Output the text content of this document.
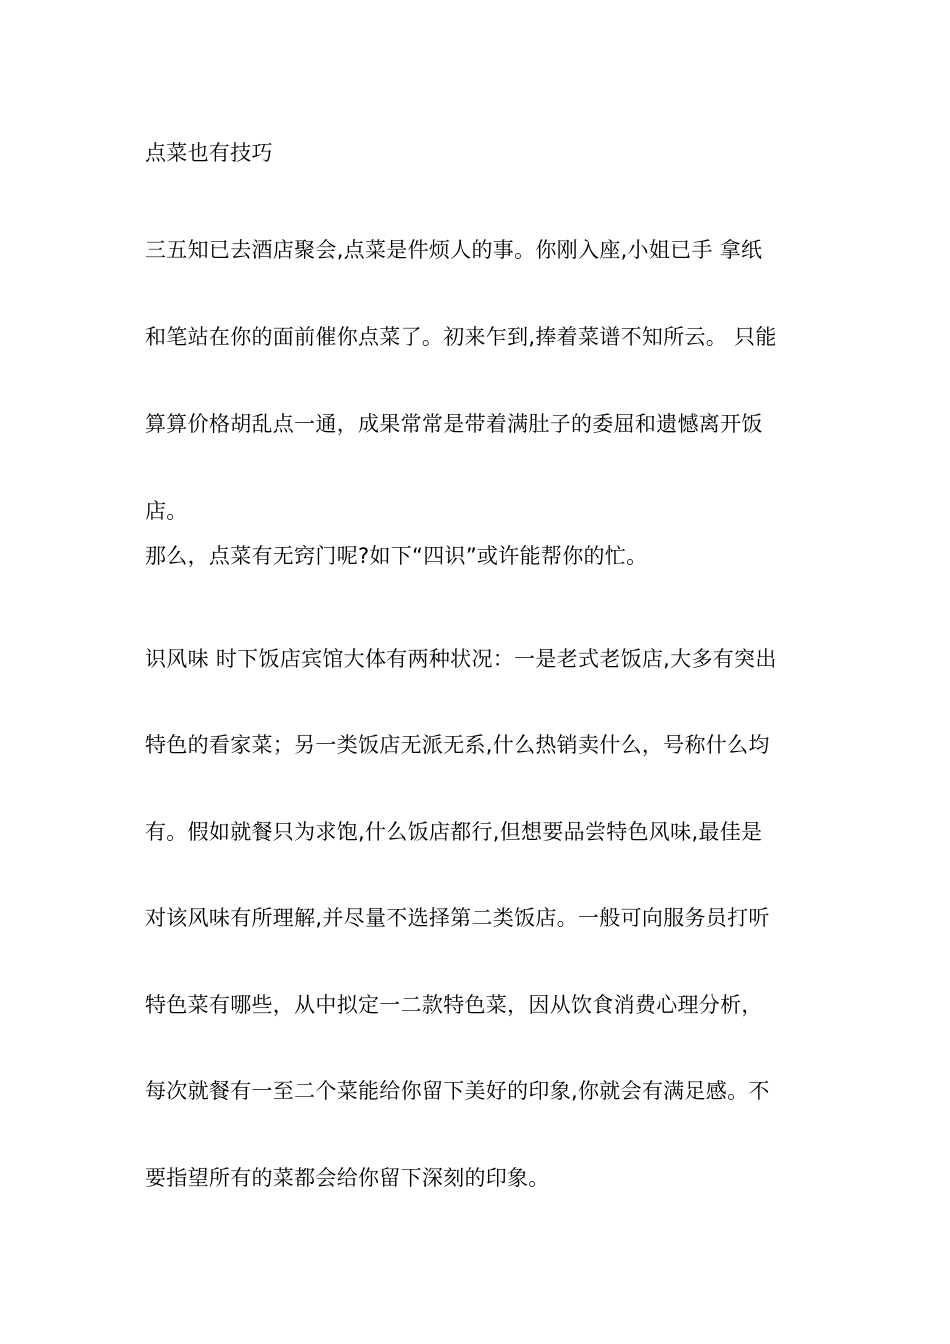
点菜也有技巧
三五知已去酒店聚会,点菜是件烦人的事。你刚入座,小姐已手 拿纸
和笔站在你的面前催你点菜了。初来乍到,捧着菜谱不知所云。 只能
算算价格胡乱点一通，成果常常是带着满肚子的委屈和遗憾离开饭
店。
那么，点菜有无窍门呢?如下“四识”或许能帮你的忙。
识风味 时下饭店宾馆大体有两种状况：一是老式老饭店,大多有突出
特色的看家菜；另一类饭店无派无系,什么热销卖什么，号称什么均
有。假如就餐只为求饱,什么饭店都行,但想要品尝特色风味,最佳是
对该风味有所理解,并尽量不选择第二类饭店。一般可向服务员打听
特色菜有哪些，从中拟定一二款特色菜，因从饮食消费心理分析，
每次就餐有一至二个菜能给你留下美好的印象,你就会有满足感。不
要指望所有的菜都会给你留下深刻的印象。
